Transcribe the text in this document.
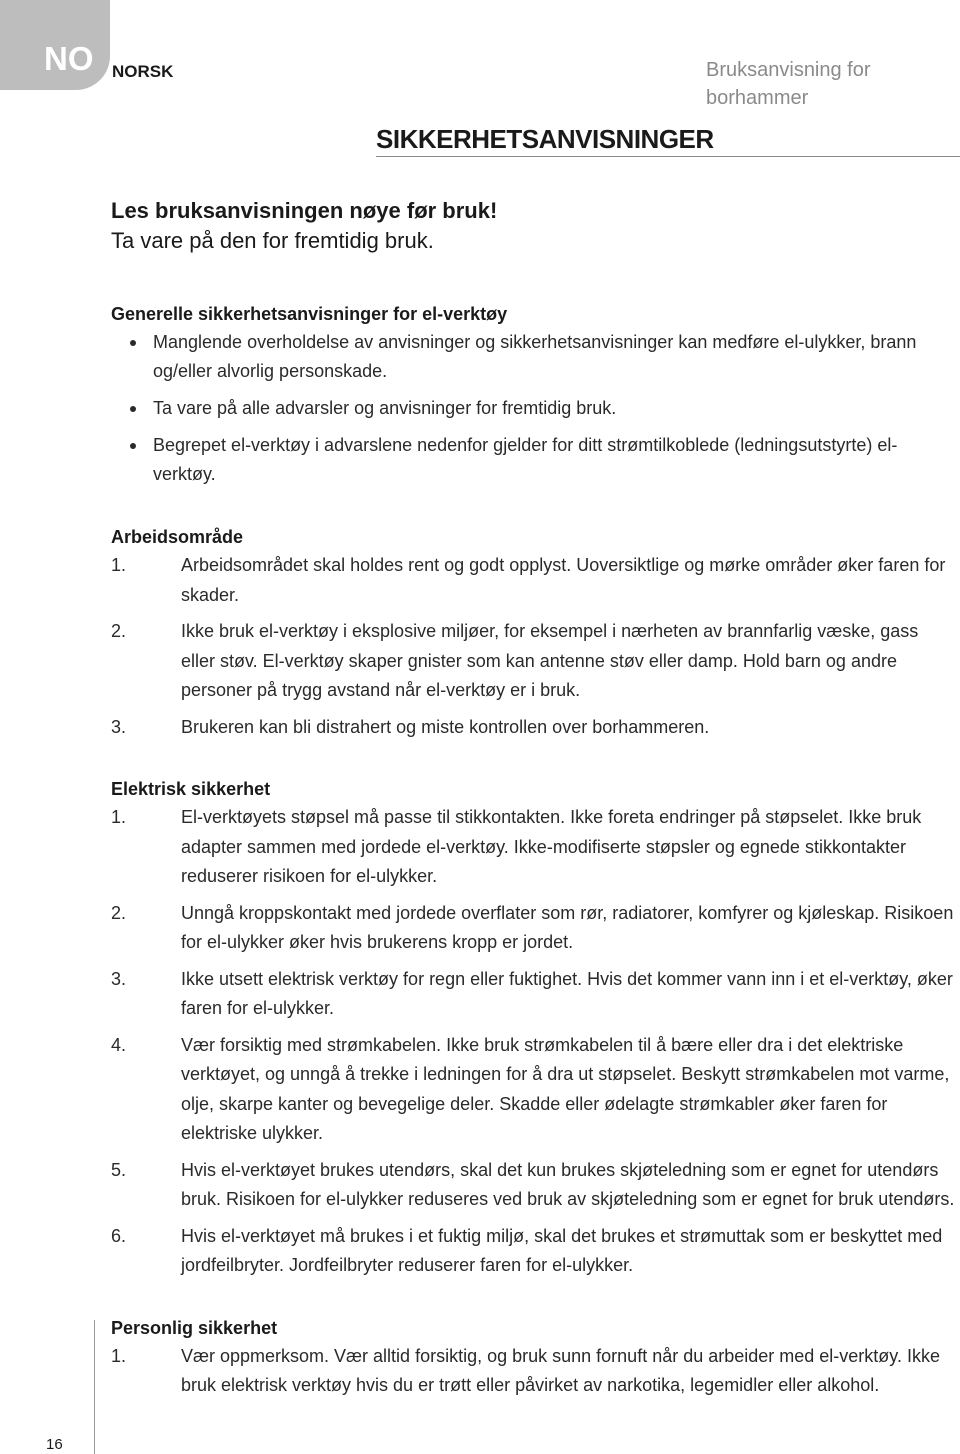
NO NORSK	Bruksanvisning for borhammer
SIKKERHETSANVISNINGER
Les bruksanvisningen nøye før bruk!
Ta vare på den for fremtidig bruk.
Generelle sikkerhetsanvisninger for el-verktøy
Manglende overholdelse av anvisninger og sikkerhetsanvisninger kan medføre el-ulykker, brann og/eller alvorlig personskade.
Ta vare på alle advarsler og anvisninger for fremtidig bruk.
Begrepet el-verktøy i advarslene nedenfor gjelder for ditt strømtilkoblede (ledningsutstyrte) el-verktøy.
Arbeidsområde
1.	Arbeidsområdet skal holdes rent og godt opplyst. Uoversiktlige og mørke områder øker faren for skader.
2.	Ikke bruk el-verktøy i eksplosive miljøer, for eksempel i nærheten av brannfarlig væske, gass eller støv. El-verktøy skaper gnister som kan antenne støv eller damp. Hold barn og andre personer på trygg avstand når el-verktøy er i bruk.
3.	Brukeren kan bli distrahert og miste kontrollen over borhammeren.
Elektrisk sikkerhet
1.	El-verktøyets støpsel må passe til stikkontakten. Ikke foreta endringer på støpselet. Ikke bruk adapter sammen med jordede el-verktøy. Ikke-modifiserte støpsler og egnede stikkontakter reduserer risikoen for el-ulykker.
2.	Unngå kroppskontakt med jordede overflater som rør, radiatorer, komfyrer og kjøleskap. Risikoen for el-ulykker øker hvis brukerens kropp er jordet.
3.	Ikke utsett elektrisk verktøy for regn eller fuktighet. Hvis det kommer vann inn i et el-verktøy, øker faren for el-ulykker.
4.	Vær forsiktig med strømkabelen. Ikke bruk strømkabelen til å bære eller dra i det elektriske verktøyet, og unngå å trekke i ledningen for å dra ut støpselet. Beskytt strømkabelen mot varme, olje, skarpe kanter og bevegelige deler. Skadde eller ødelagte strømkabler øker faren for elektriske ulykker.
5.	Hvis el-verktøyet brukes utendørs, skal det kun brukes skjøteledning som er egnet for utendørs bruk. Risikoen for el-ulykker reduseres ved bruk av skjøteledning som er egnet for bruk utendørs.
6.	Hvis el-verktøyet må brukes i et fuktig miljø, skal det brukes et strømuttak som er beskyttet med jordfeilbryter. Jordfeilbryter reduserer faren for el-ulykker.
Personlig sikkerhet
1.	Vær oppmerksom. Vær alltid forsiktig, og bruk sunn fornuft når du arbeider med el-verktøy. Ikke bruk elektrisk verktøy hvis du er trøtt eller påvirket av narkotika, legemidler eller alkohol.
16
